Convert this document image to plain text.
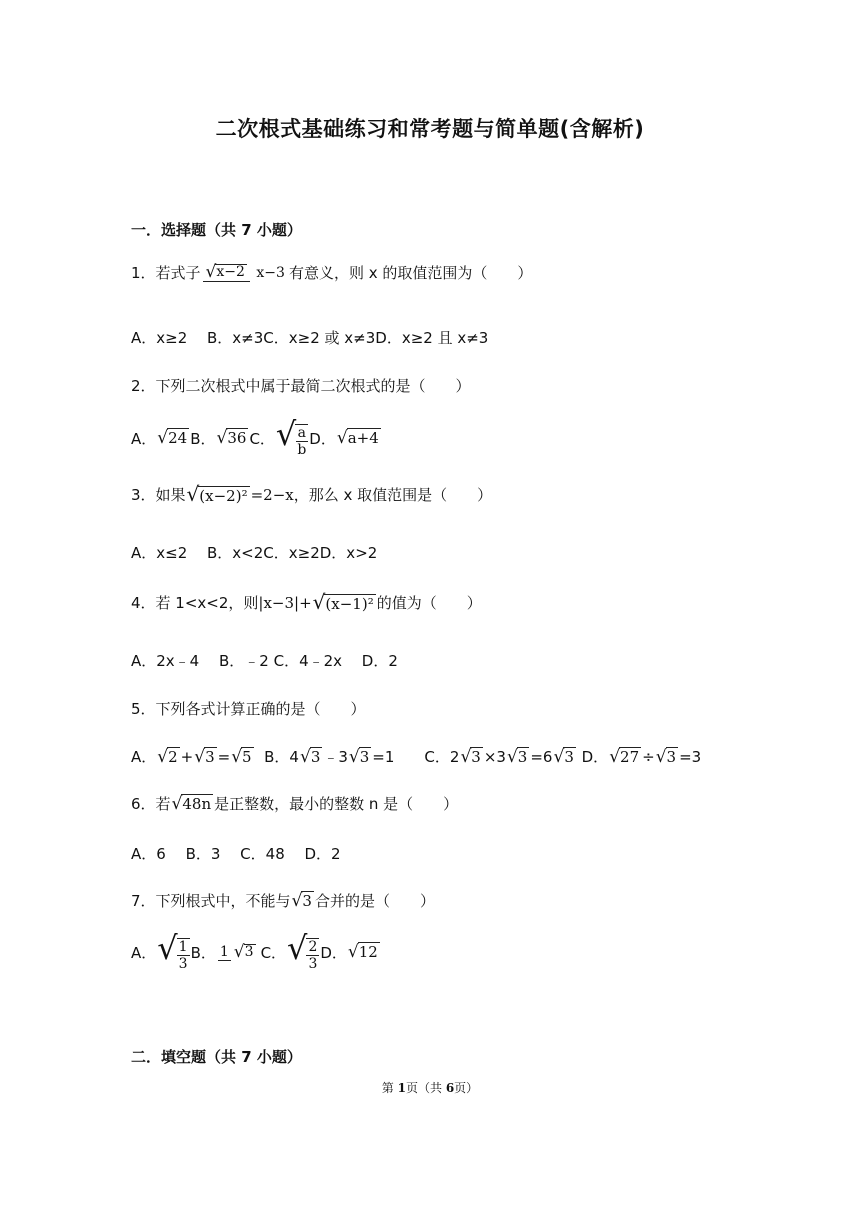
二次根式基础练习和常考题与简单题(含解析)
一．选择题（共 7 小题）
1．若式子 √ x−2 x−3 有意义，则 x 的取值范围为（　　）
A．x≥2　 B．x≠3C．x≥2 或 x≠3D．x≥2 且 x≠3
2．下列二次根式中属于最简二次根式的是（　　）
A． √24 B． √36 C． √ $\frac{a}{b}$ D． √a+4
3．如果 √(x−2)² =2−x ，那么 x 取值范围是（　　）
A．x≤2　 B．x<2C．x≥2D．x>2
4．若 1<x<2，则 |x−3|+ √(x−1)² 的值为（　　）
A．2x﹣4　 B．﹣2 C．4﹣2x　 D．2
5．下列各式计算正确的是（　　）
A． √2 + √3 = √5 B．4 √3 ﹣3 √3 =1　　C．2 √3 ×3 √3 =6 √3 D． √27 ÷ √3 =3
6．若 √48n 是正整数，最小的整数 n 是（　　）
A．6　 B．3　 C．48　 D．2
7．下列根式中，不能与 √3 合并的是（　　）
A． √ $\frac{1}{3}$ B． 1 √ 3 C． √ $\frac{2}{3}$ D． √12
二．填空题（共 7 小题）
第 1页（共 6页）
